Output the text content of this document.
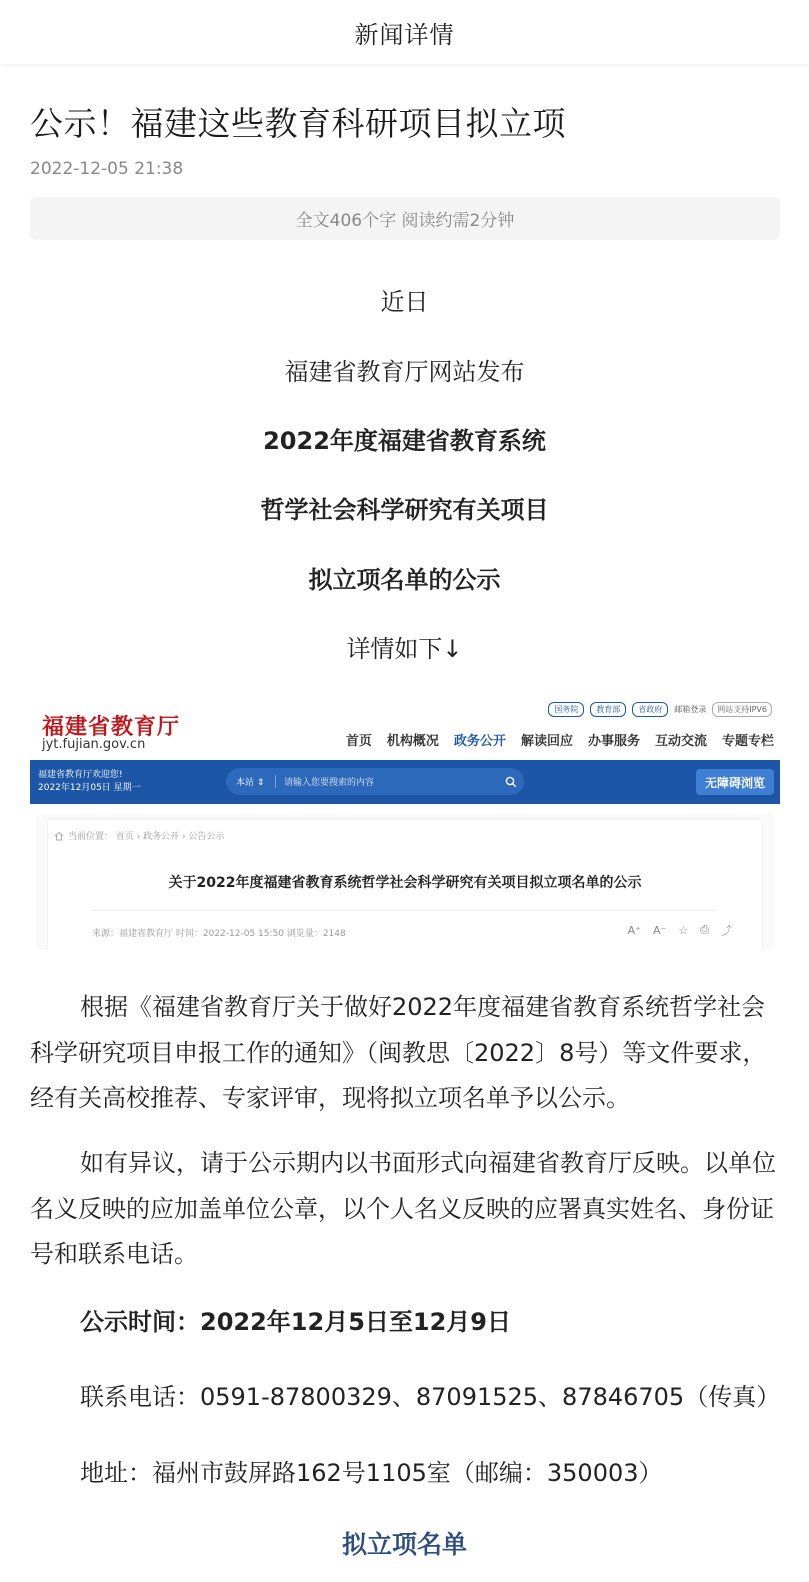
新闻详情
公示！福建这些教育科研项目拟立项
2022-12-05 21:38
全文406个字 阅读约需2分钟
近日
福建省教育厅网站发布
2022年度福建省教育系统
哲学社会科学研究有关项目
拟立项名单的公示
详情如下↓
福建省教育厅
jyt.fujian.gov.cn
国务院	教育部	省政府	邮箱登录	网站支持IPV6
首页 机构概况 政务公开 解读回应 办事服务 互动交流 专题专栏
福建省教育厅欢迎您!
2022年12月05日 星期一	本站 ⇕	请输入您要搜索的内容	无障碍浏览
当前位置： 首页 › 政务公开 › 公告公示
关于2022年度福建省教育系统哲学社会科学研究有关项目拟立项名单的公示
来源：福建省教育厅 时间：2022-12-05 15:50 浏览量：2148	A⁺ A⁻ ☆ ⎙ ⤴
根据《福建省教育厅关于做好2022年度福建省教育系统哲学社会科学研究项目申报工作的通知》（闽教思〔2022〕8号）等文件要求，经有关高校推荐、专家评审，现将拟立项名单予以公示。
如有异议，请于公示期内以书面形式向福建省教育厅反映。以单位名义反映的应加盖单位公章，以个人名义反映的应署真实姓名、身份证号和联系电话。
公示时间：2022年12月5日至12月9日
联系电话：0591-87800329、87091525、87846705（传真）
地址：福州市鼓屏路162号1105室（邮编：350003）
拟立项名单
